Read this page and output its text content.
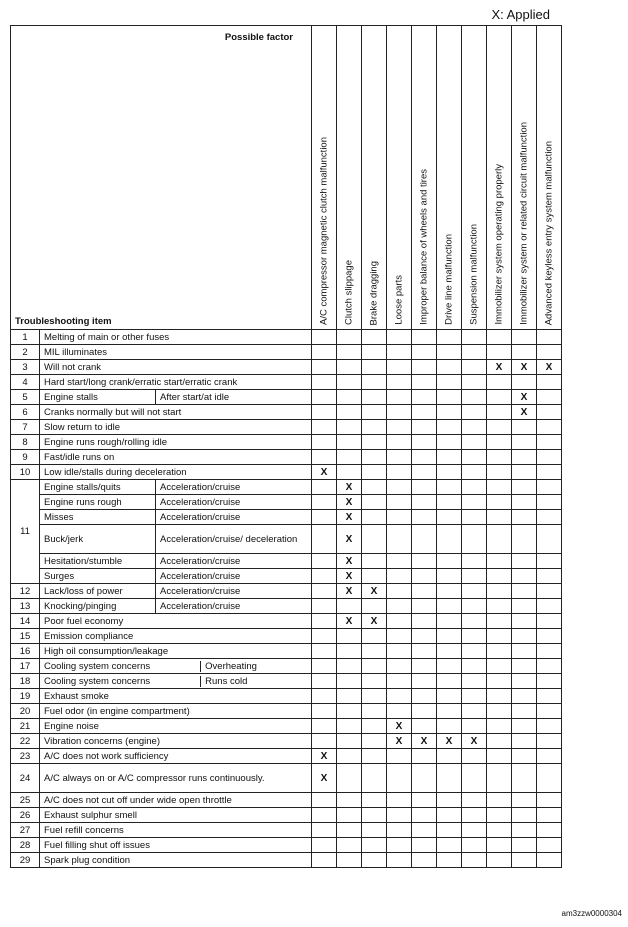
X: Applied
Possible factor
Troubleshooting item			A/C compressor magnetic clutch malfunction	Clutch slippage	Brake dragging	Loose parts	Improper balance of wheels and tires	Drive line malfunction	Suspension malfunction	Immobilizer system operating properly	Immobilizer system or related circuit malfunction	Advanced keyless entry system malfunction

1	Melting of main or other fuses											
2	MIL illuminates											
3	Will not crank									X	X	X
4	Hard start/long crank/erratic start/erratic crank											
5	Engine stalls	After start/at idle									X	
6	Cranks normally but will not start										X	
7	Slow return to idle											
8	Engine runs rough/rolling idle											
9	Fast/idle runs on											
10	Low idle/stalls during deceleration		X									
11	Engine stalls/quits	Acceleration/cruise		X								
	Engine runs rough	Acceleration/cruise		X								
	Misses	Acceleration/cruise		X								
	Buck/jerk	Acceleration/cruise/ deceleration		X								
	Hesitation/stumble	Acceleration/cruise		X								
	Surges	Acceleration/cruise		X								
12	Lack/loss of power	Acceleration/cruise		X	X							
13	Knocking/pinging	Acceleration/cruise										
14	Poor fuel economy			X	X							
15	Emission compliance											
16	High oil consumption/leakage											
17	Cooling system concerns Overheating											
18	Cooling system concerns Runs cold											
19	Exhaust smoke											
20	Fuel odor (in engine compartment)											
21	Engine noise					X						
22	Vibration concerns (engine)					X	X	X	X			
23	A/C does not work sufficiency		X									
24	A/C always on or A/C compressor runs continuously.		X									
25	A/C does not cut off under wide open throttle											
26	Exhaust sulphur smell											
27	Fuel refill concerns											
28	Fuel filling shut off issues											
29	Spark plug condition											
am3zzw0000304
